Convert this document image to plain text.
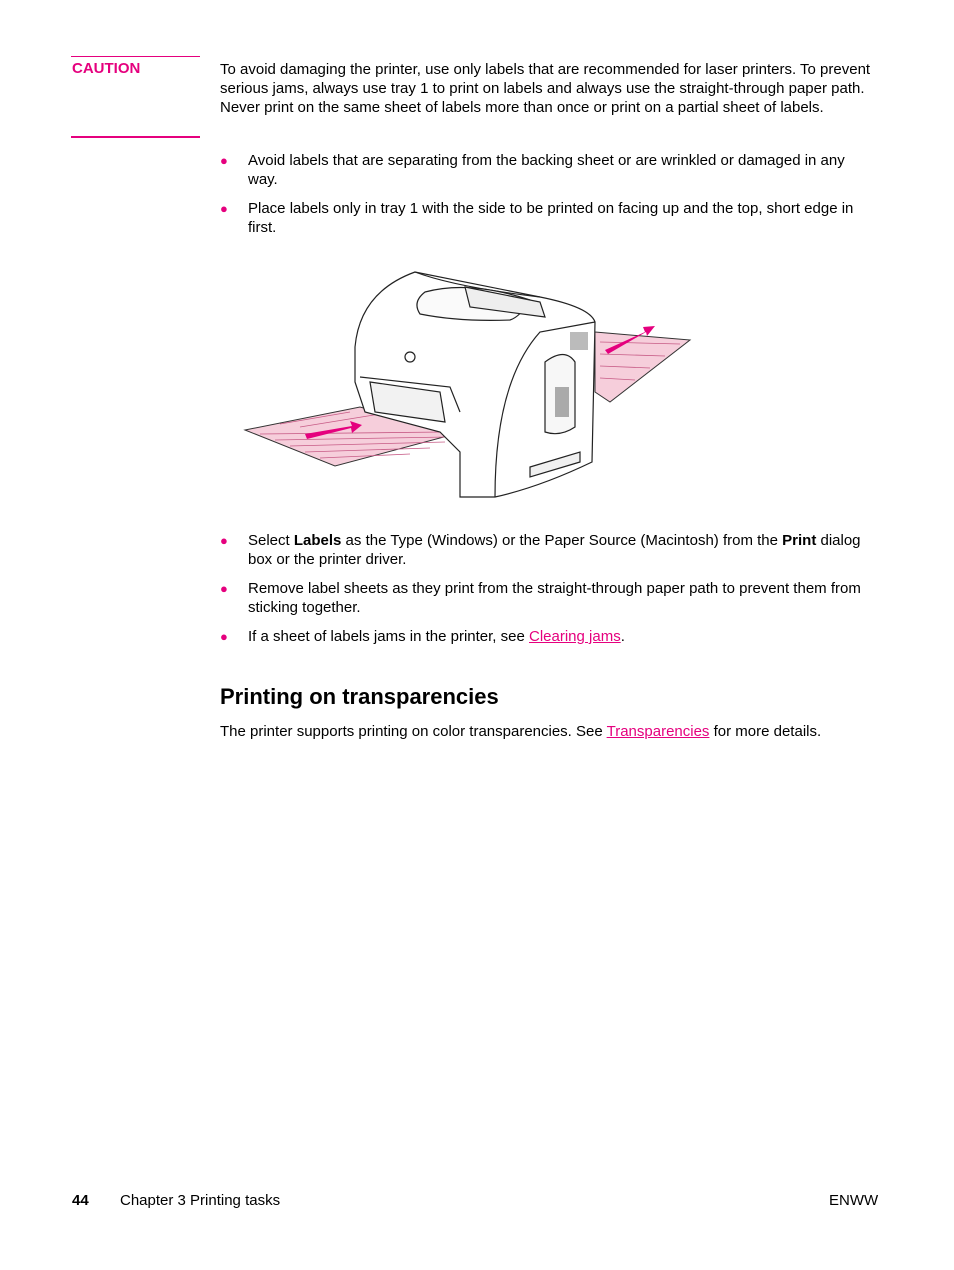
CAUTION	To avoid damaging the printer, use only labels that are recommended for laser printers. To prevent serious jams, always use tray 1 to print on labels and always use the straight-through paper path. Never print on the same sheet of labels more than once or print on a partial sheet of labels.
● Avoid labels that are separating from the backing sheet or are wrinkled or damaged in any way.
● Place labels only in tray 1 with the side to be printed on facing up and the top, short edge in first.
● Select Labels as the Type (Windows) or the Paper Source (Macintosh) from the Print dialog box or the printer driver.
● Remove label sheets as they print from the straight-through paper path to prevent them from sticking together.
● If a sheet of labels jams in the printer, see Clearing jams.
Printing on transparencies
The printer supports printing on color transparencies. See Transparencies for more details.
44 Chapter 3 Printing tasks	ENWW
